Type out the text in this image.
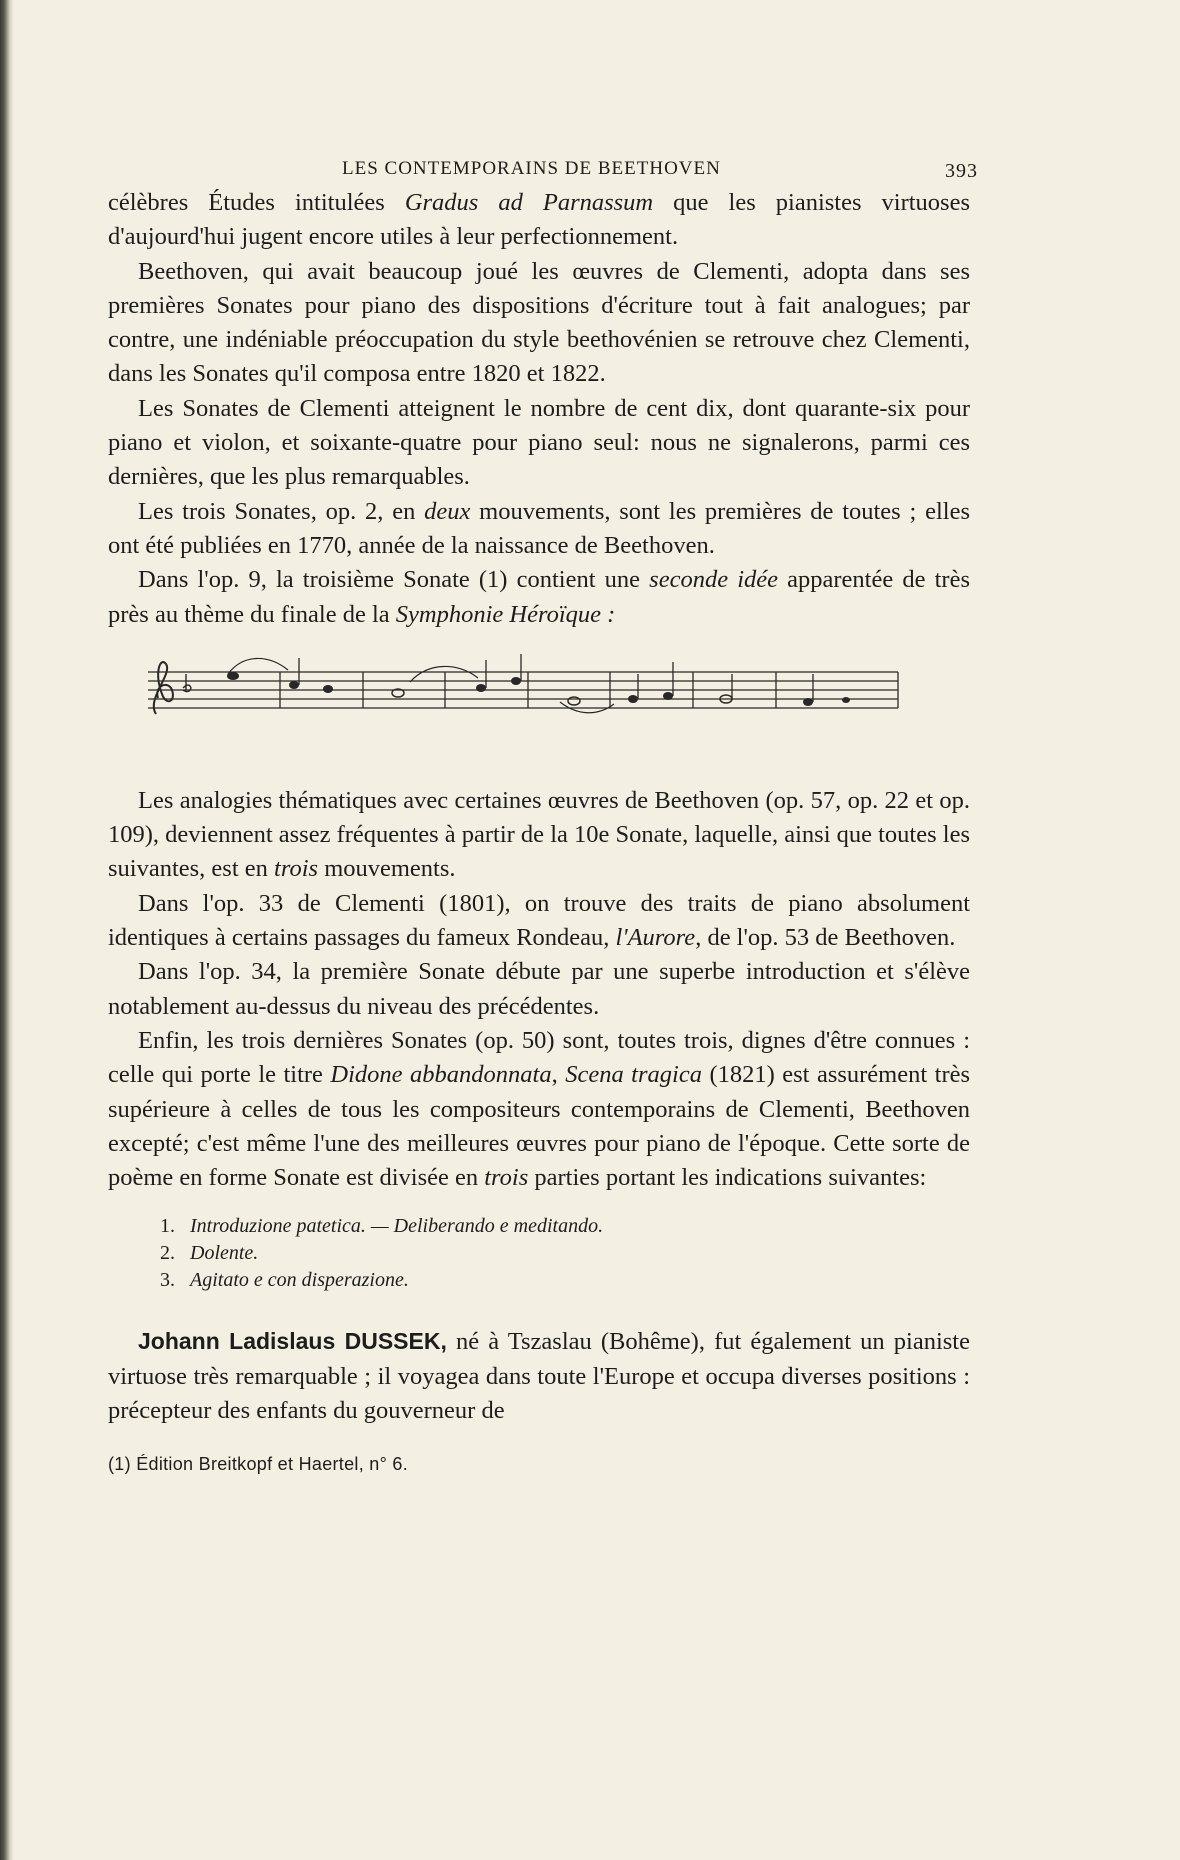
LES CONTEMPORAINS DE BEETHOVEN	393

célèbres Études intitulées Gradus ad Parnassum que les pianistes virtuoses d'aujourd'hui jugent encore utiles à leur perfectionnement.

Beethoven, qui avait beaucoup joué les œuvres de Clementi, adopta dans ses premières Sonates pour piano des dispositions d'écriture tout à fait analogues; par contre, une indéniable préoccupation du style beethovénien se retrouve chez Clementi, dans les Sonates qu'il composa entre 1820 et 1822.

Les Sonates de Clementi atteignent le nombre de cent dix, dont quarante-six pour piano et violon, et soixante-quatre pour piano seul: nous ne signalerons, parmi ces dernières, que les plus remarquables.

Les trois Sonates, op. 2, en deux mouvements, sont les premières de toutes ; elles ont été publiées en 1770, année de la naissance de Beethoven.

Dans l'op. 9, la troisième Sonate (1) contient une seconde idée apparentée de très près au thème du finale de la Symphonie Héroïque :

Les analogies thématiques avec certaines œuvres de Beethoven (op. 57, op. 22 et op. 109), deviennent assez fréquentes à partir de la 10e Sonate, laquelle, ainsi que toutes les suivantes, est en trois mouvements.

Dans l'op. 33 de Clementi (1801), on trouve des traits de piano absolument identiques à certains passages du fameux Rondeau, l'Aurore, de l'op. 53 de Beethoven.

Dans l'op. 34, la première Sonate débute par une superbe introduction et s'élève notablement au-dessus du niveau des précédentes.

Enfin, les trois dernières Sonates (op. 50) sont, toutes trois, dignes d'être connues : celle qui porte le titre Didone abbandonnata, Scena tragica (1821) est assurément très supérieure à celles de tous les compositeurs contemporains de Clementi, Beethoven excepté; c'est même l'une des meilleures œuvres pour piano de l'époque. Cette sorte de poème en forme Sonate est divisée en trois parties portant les indications suivantes:

1. Introduzione patetica. — Deliberando e meditando.
2. Dolente.
3. Agitato e con disperazione.

Johann Ladislaus DUSSEK, né à Tszaslau (Bohême), fut également un pianiste virtuose très remarquable ; il voyagea dans toute l'Europe et occupa diverses positions : précepteur des enfants du gouverneur de

(1) Édition Breitkopf et Haertel, n° 6.
